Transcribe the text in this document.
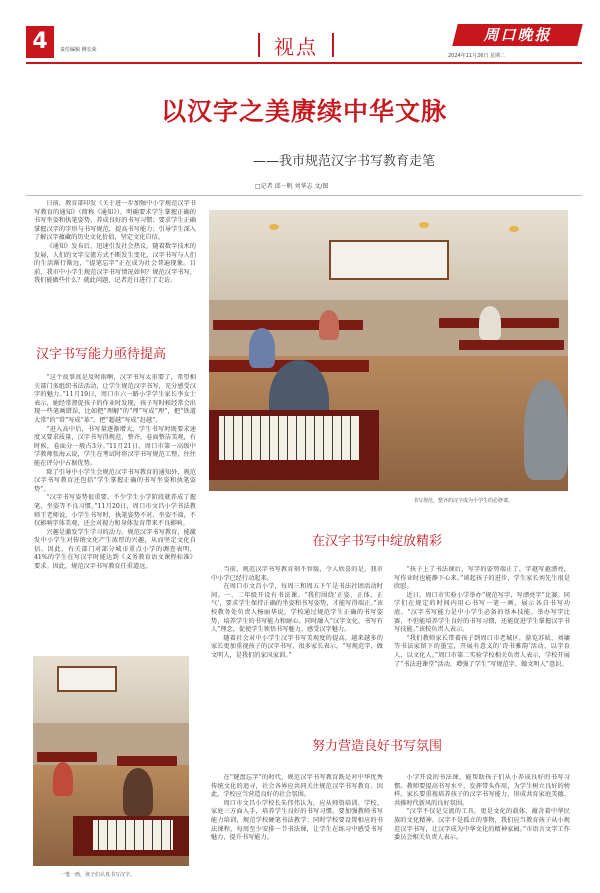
4	责任编辑 穆长荣	视点	周口晚报
2024年11月26日 星期二
以汉字之美赓续中华文脉
——我市规范汉字书写教育走笔
□记者 邱一帆 刘华志 文/图

日前，教育部印发《关于进一步加强中小学规范汉字书写教育的通知》（简称《通知》），明确要求学生掌握正确的书写坐姿和执笔姿势，养成良好的书写习惯；要求学生正确掌握汉字的字形与书写规范，提高书写能力；引导学生深入了解汉字蕴藏的历史文化价值，坚定文化自信。

《通知》发布后，迅速引发社会热议。随着数字技术的发展，人们的文字交流方式不断发生变化，汉字书写与人们的生活渐行渐远，“提笔忘字”正在成为社会普遍现象。目前，我市中小学生规范汉字书写情况如何？规范汉字书写，我们能做些什么？就此问题，记者近日进行了走访。

汉字书写能力亟待提高

“这个故事真是及时雨啊，汉字书写太重要了，希望相关部门多组织书法活动，让学生规范汉字书写，充分感受汉字的魅力。”11月19日，周口市六一路小学学生家长李女士表示，她经常督促孩子的作业时发现，孩子写时候经常会出现一些笔画错误，比如把“理解”的“理”写成“理”，把“铁道大常”的“常”写成“革”，把“超越”写成“赶越”。

“进入高中后，书写量逐渐增大，学生书写时既要求速度又要求质量，汉字书写得规范、整齐，卷面整洁美观，有时候，卷面分一般占3分。”11月21日，周口市第一高级中学教师张海云说，学生在考试时将汉字书写规范工整，往往能在评分中占据优势。

除了引导中小学生会规范汉字书写教育的通知外，规范汉字书写教育还包括“学生掌握正确的书写坐姿和执笔姿势”。

“汉字书写姿势很重要，不少学生小学阶段就养成了握笔、坐姿等不良习惯。”11月20日，周口市文昌小学书法教师王老师说，小学生书写时，执笔姿势不对、坐姿不端，不仅影响字体美观，还会对视力和身体发育带来不良影响。

兴趣是激发学生学习的动力。规范汉字书写教育，能激发中小学生对传统文化产生浓厚的兴趣，从而坚定文化自信。因此，有关部门对部分城市重点小学的调查表明，41%的学生在写汉字时能达到《义务教育语文课程标准》要求。因此，规范汉字书写教育任重道远。

一笔一画，孩子们认真书写汉字。
书写规范，整齐的汉字成为小学生的必修课。
在汉字书写中绽放精彩

当前，规范汉字书写教育刻不容缓，令人欣喜的是，我市中小学已经行动起来。

在周口市文昌小学，每周三和周五下午是书法社团活动时间。一、二年级开设有书法课。“我们围绕‘正姿、正体、正气’，要求学生保持正确的坐姿和书写姿势，才能写得端正。”该校教务处负责人杨丽华说，学校通过规范学生正确的书写姿势，培养学生的书写能力和耐心。同时融入“汉字文化，书写有人”理念，促使学生领悟书写魅力、感受汉字魅力。

随着社会对中小学生汉字书写美观度的提高，越来越多的家长更加重视孩子的汉字书写，很多家长表示，“写规范字，做文明人，是我们的家风家训。”

“孩子上了书法课后，写字的姿势端正了，字越写越漂亮，写作业时也能静下心来。”谈起孩子的进步，学生家长刘先生很是欣慰。

近日，周口市实验小学举办“规范写字，写漂亮字”比赛。同学们在规定的时间内用心书写一笔一画，展示各自书写功底。“汉字书写能力是中小学生必备的基本技能。举办写字比赛，不但能培养学生良好的书写习惯，还能促进学生掌握汉字书写技能。”该校负责人表示。

“我们教师家长带着孩子到周口市老城区，游览苏轼、刘墉等书法家留下的墨宝，开展有意义的‘诗书雅韵’活动，以字育人、以文化人。”周口市第二实验学校相关负责人表示，学校开展了“书法进课堂”活动，增强了学生“写规范字，做文明人”意识。

努力营造良好书写氛围

在“键盘忘字”的时代，规范汉字书写教育既是对中华优秀传统文化的追寻，社会各界应共同关注规范汉字书写教育。因此，学校应当营造良好的社会氛围。

周口市文昌小学校长朱伟伟认为，应从师资培训、学校、家庭三方面入手，培养学生良好的书写习惯。要加强教师书写能力培训，规范学校硬笔书法教学；同时学校要设置相应的书法课程，每周至少安排一节书法课，让学生在练习中感受书写魅力，提升书写能力。

小学开设的书法课，能帮助孩子们从小养成良好的书写习惯。教师要提高书写水平，发挥带头作用，为学生树立良好的榜样。家长要重视培养孩子的汉字书写能力，形成共育家庭美德、共推时代新风的良好氛围。

“汉字不仅是交流的工具，更是文化的载体，蕴含着中华民族的文化精神。汉字不是孤立的事物，我们应当教育孩子从小规范汉字书写，让汉字成为中华文化的精神家园。”市语言文字工作委员会相关负责人表示。
